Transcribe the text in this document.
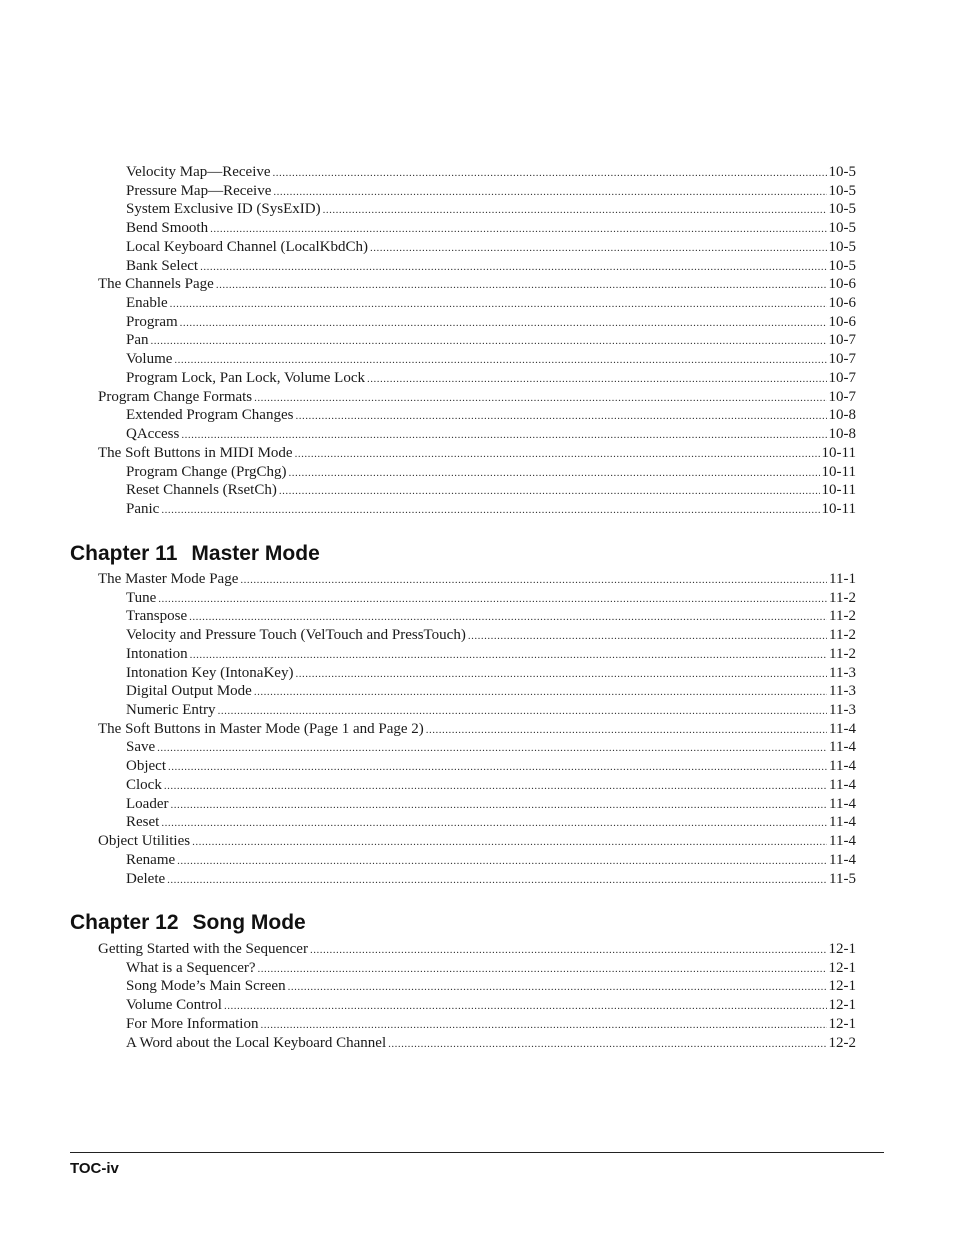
Velocity Map—Receive .....	10-5
Pressure Map—Receive .....	10-5
System Exclusive ID (SysExID) .....	10-5
Bend Smooth .....	10-5
Local Keyboard Channel (LocalKbdCh) .....	10-5
Bank Select .....	10-5
The Channels Page .....	10-6
Enable .....	10-6
Program .....	10-6
Pan .....	10-7
Volume .....	10-7
Program Lock, Pan Lock, Volume Lock .....	10-7
Program Change Formats .....	10-7
Extended Program Changes .....	10-8
QAccess .....	10-8
The Soft Buttons in MIDI Mode .....	10-11
Program Change (PrgChg) .....	10-11
Reset Channels (RsetCh) .....	10-11
Panic .....	10-11
Chapter 11 Master Mode
The Master Mode Page .....	11-1
Tune .....	11-2
Transpose .....	11-2
Velocity and Pressure Touch (VelTouch and PressTouch) .....	11-2
Intonation .....	11-2
Intonation Key (IntonaKey) .....	11-3
Digital Output Mode .....	11-3
Numeric Entry .....	11-3
The Soft Buttons in Master Mode (Page 1 and Page 2) .....	11-4
Save .....	11-4
Object .....	11-4
Clock .....	11-4
Loader .....	11-4
Reset .....	11-4
Object Utilities .....	11-4
Rename .....	11-4
Delete .....	11-5
Chapter 12 Song Mode
Getting Started with the Sequencer .....	12-1
What is a Sequencer? .....	12-1
Song Mode’s Main Screen .....	12-1
Volume Control .....	12-1
For More Information .....	12-1
A Word about the Local Keyboard Channel .....	12-2
TOC-iv
